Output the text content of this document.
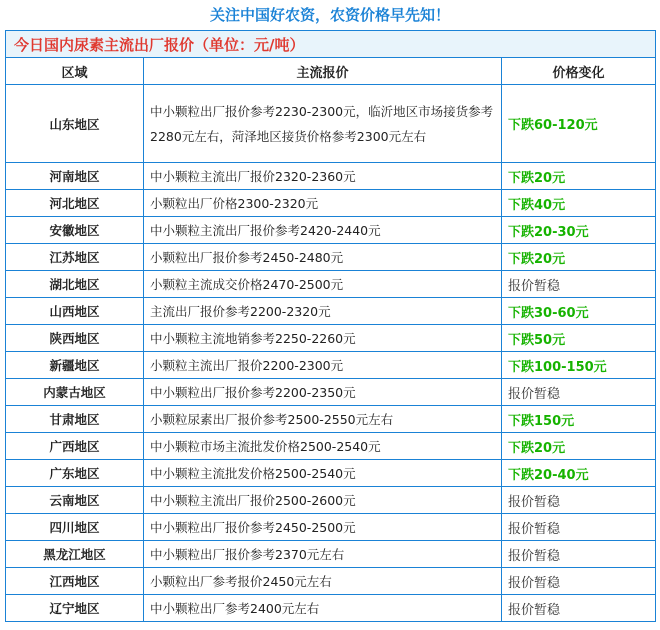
关注中国好农资，农资价格早先知！
今日国内尿素主流出厂报价（单位：元/吨）		
区域	主流报价	价格变化
山东地区	中小颗粒出厂报价参考2230-2300元，临沂地区市场接货参考2280元左右，菏泽地区接货价格参考2300元左右	下跌60-120元
河南地区	中小颗粒主流出厂报价2320-2360元	下跌20元
河北地区	小颗粒出厂价格2300-2320元	下跌40元
安徽地区	中小颗粒主流出厂报价参考2420-2440元	下跌20-30元
江苏地区	小颗粒出厂报价参考2450-2480元	下跌20元
湖北地区	小颗粒主流成交价格2470-2500元	报价暂稳
山西地区	主流出厂报价参考2200-2320元	下跌30-60元
陕西地区	中小颗粒主流地销参考2250-2260元	下跌50元
新疆地区	小颗粒主流出厂报价2200-2300元	下跌100-150元
内蒙古地区	中小颗粒出厂报价参考2200-2350元	报价暂稳
甘肃地区	小颗粒尿素出厂报价参考2500-2550元左右	下跌150元
广西地区	中小颗粒市场主流批发价格2500-2540元	下跌20元
广东地区	中小颗粒主流批发价格2500-2540元	下跌20-40元
云南地区	中小颗粒主流出厂报价2500-2600元	报价暂稳
四川地区	中小颗粒出厂报价参考2450-2500元	报价暂稳
黑龙江地区	中小颗粒出厂报价参考2370元左右	报价暂稳
江西地区	小颗粒出厂参考报价2450元左右	报价暂稳
辽宁地区	中小颗粒出厂参考2400元左右	报价暂稳
